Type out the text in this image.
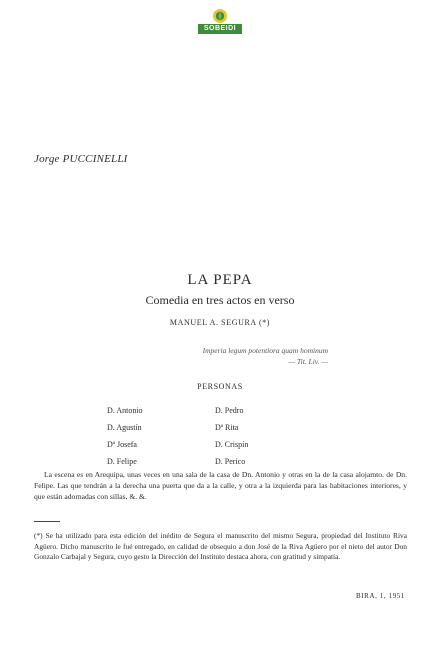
SOBEIDI
Jorge PUCCINELLI
LA PEPA
Comedia en tres actos en verso
MANUEL A. SEGURA (*)
Imperia legum potentiora quam hominum
— Tit. Liv. —
PERSONAS
D. Antonio
D. Agustín
Dª Josefa
D. Felipe
D. Pedro
Dª Rita
D. Crispín
D. Perico
La escena es en Arequipa, unas veces en una sala de la casa de Dn. Antonio y otras en la de la casa alojamto. de Dn. Felipe. Las que tendrán a la derecha una puerta que da a la calle, y otra a la izquierda para las habitaciones interiores, y que están adornadas con sillas, &. &.
(*) Se ha utilizado para esta edición del inédito de Segura el manuscrito del mismo Segura, propiedad del Instituto Riva Agüero. Dicho manuscrito le fué entregado, en calidad de obsequio a don José de la Riva Agüero por el nieto del autor Don Gonzalo Carbajal y Segura, cuyo gesto la Dirección del Instituto destaca ahora, con gratitud y simpatía.
BIRA, 1, 1951
